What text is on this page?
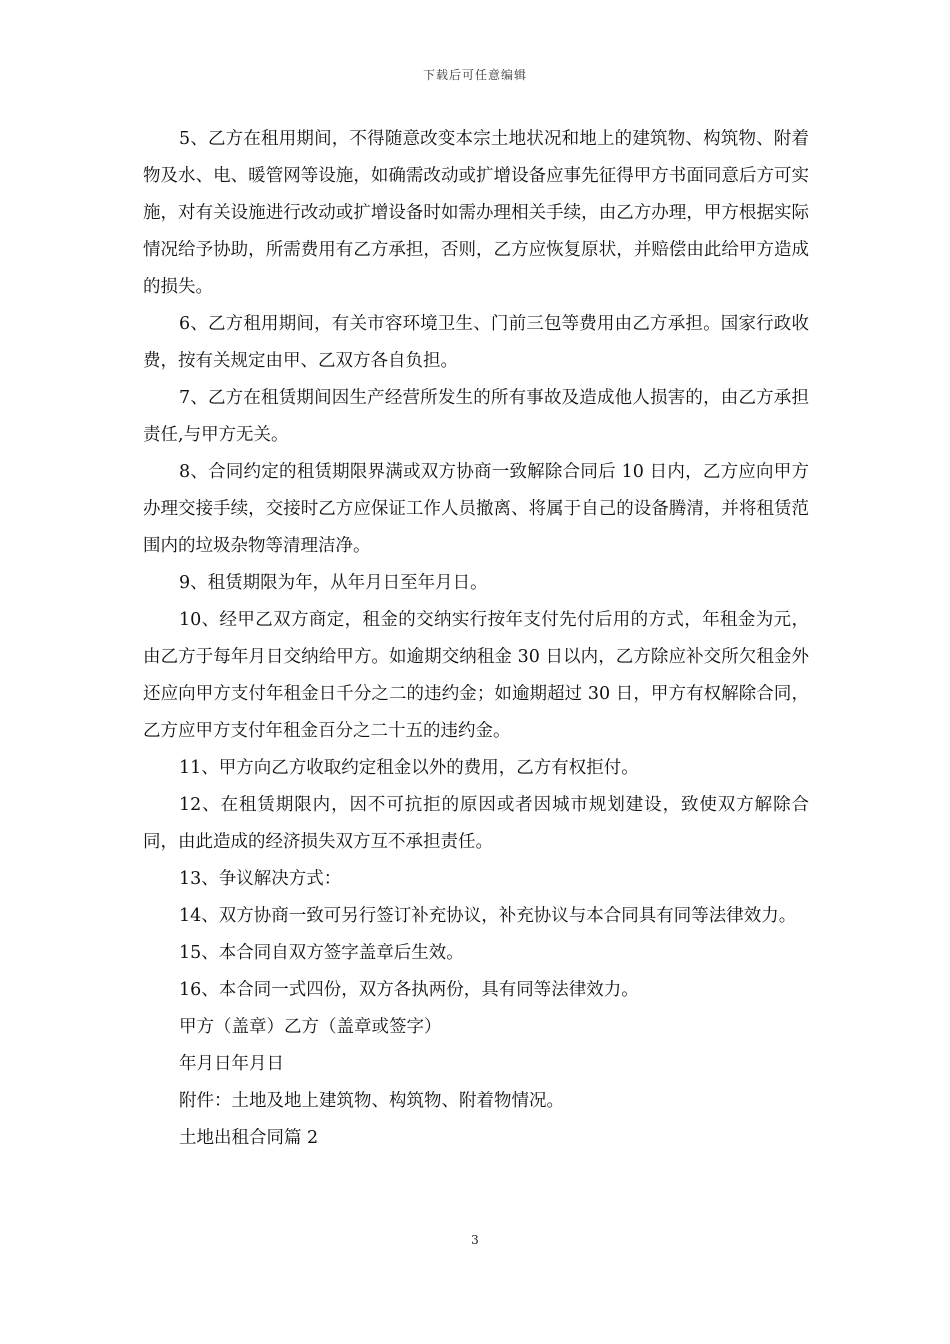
下载后可任意编辑

5、乙方在租用期间，不得随意改变本宗土地状况和地上的建筑物、构筑物、附着物及水、电、暖管网等设施，如确需改动或扩增设备应事先征得甲方书面同意后方可实施，对有关设施进行改动或扩增设备时如需办理相关手续，由乙方办理，甲方根据实际情况给予协助，所需费用有乙方承担，否则，乙方应恢复原状，并赔偿由此给甲方造成的损失。

6、乙方租用期间，有关市容环境卫生、门前三包等费用由乙方承担。国家行政收费，按有关规定由甲、乙双方各自负担。

7、乙方在租赁期间因生产经营所发生的所有事故及造成他人损害的，由乙方承担责任,与甲方无关。

8、合同约定的租赁期限界满或双方协商一致解除合同后 10 日内，乙方应向甲方办理交接手续，交接时乙方应保证工作人员撤离、将属于自己的设备腾清，并将租赁范围内的垃圾杂物等清理洁净。

9、租赁期限为年，从年月日至年月日。

10、经甲乙双方商定，租金的交纳实行按年支付先付后用的方式，年租金为元，由乙方于每年月日交纳给甲方。如逾期交纳租金 30 日以内，乙方除应补交所欠租金外还应向甲方支付年租金日千分之二的违约金；如逾期超过 30 日，甲方有权解除合同，乙方应甲方支付年租金百分之二十五的违约金。

11、甲方向乙方收取约定租金以外的费用，乙方有权拒付。

12、在租赁期限内，因不可抗拒的原因或者因城市规划建设，致使双方解除合同，由此造成的经济损失双方互不承担责任。

13、争议解决方式：

14、双方协商一致可另行签订补充协议，补充协议与本合同具有同等法律效力。

15、本合同自双方签字盖章后生效。

16、本合同一式四份，双方各执两份，具有同等法律效力。

甲方（盖章）乙方（盖章或签字）

年月日年月日

附件：土地及地上建筑物、构筑物、附着物情况。

土地出租合同篇 2

3
